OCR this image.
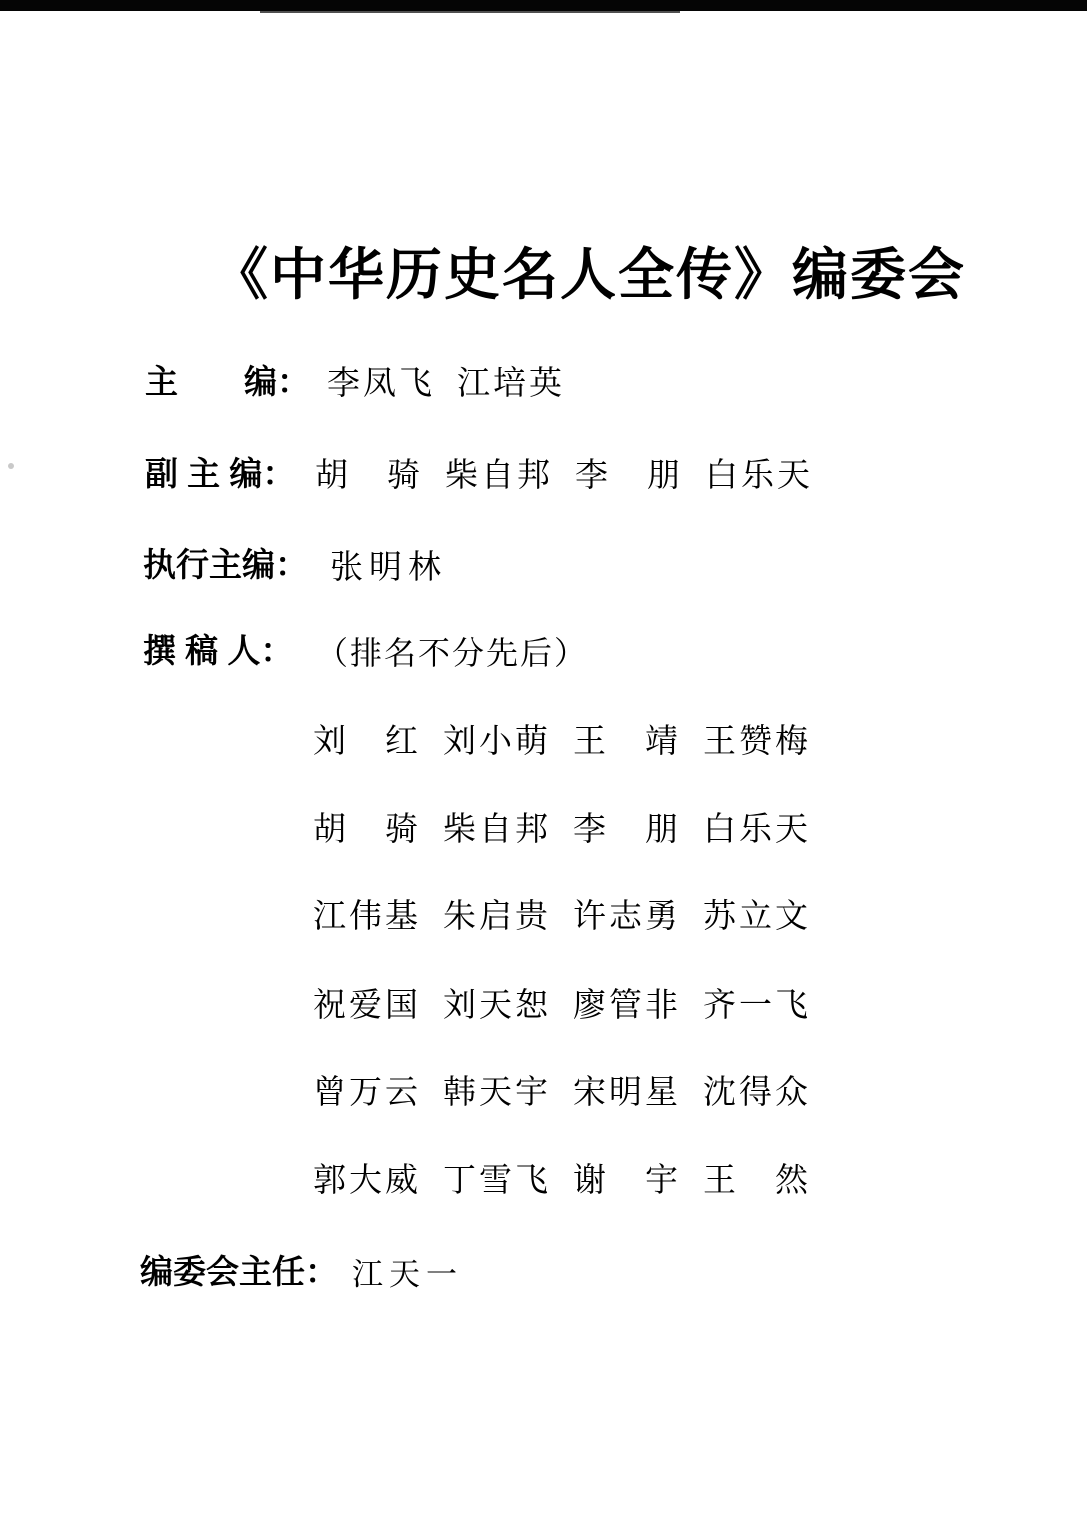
《中华历史名人全传》编委会
主　　编： 李凤飞 江培英
副 主 编： 胡　骑 柴自邦 李　朋 白乐天
执行主编： 张明林
撰 稿 人： （排名不分先后）
刘　红 刘小萌 王　靖 王赞梅
胡　骑 柴自邦 李　朋 白乐天
江伟基 朱启贵 许志勇 苏立文
祝爱国 刘天恕 廖管非 齐一飞
曾万云 韩天宇 宋明星 沈得众
郭大威 丁雪飞 谢　宇 王　然
编委会主任： 江天一
